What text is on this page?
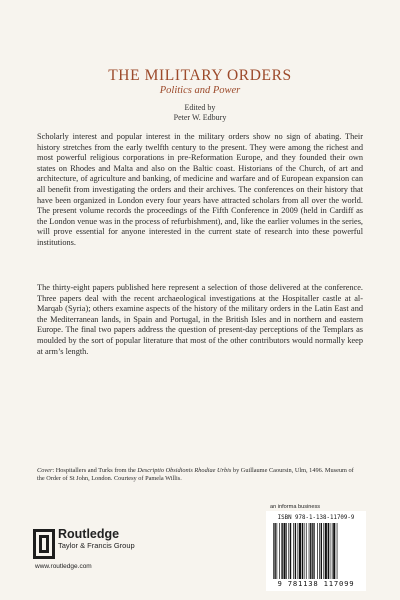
THE MILITARY ORDERS
Politics and Power
Edited by
Peter W. Edbury

Scholarly interest and popular interest in the military orders show no sign of abating. Their history stretches from the early twelfth century to the present. They were among the richest and most powerful religious corporations in pre-Reformation Europe, and they founded their own states on Rhodes and Malta and also on the Baltic coast. Historians of the Church, of art and architecture, of agriculture and banking, of medicine and warfare and of European expansion can all benefit from investigating the orders and their archives. The conferences on their history that have been organized in London every four years have attracted scholars from all over the world. The present volume records the proceedings of the Fifth Conference in 2009 (held in Cardiff as the London venue was in the process of refurbishment), and, like the earlier volumes in the series, will prove essential for anyone interested in the current state of research into these powerful institutions.

The thirty-eight papers published here represent a selection of those delivered at the conference. Three papers deal with the recent archaeological investigations at the Hospitaller castle at al-Marqab (Syria); others examine aspects of the history of the military orders in the Latin East and the Mediterranean lands, in Spain and Portugal, in the British Isles and in northern and eastern Europe. The final two papers address the question of present-day perceptions of the Templars as moulded by the sort of popular literature that most of the other contributors would normally keep at arm’s length.

Cover: Hospitallers and Turks from the Descriptio Obsidionis Rhodiae Urbis by Guillaume Caoursin, Ulm, 1496. Museum of the Order of St John, London. Courtesy of Pamela Willis.

Routledge
Taylor & Francis Group
www.routledge.com
an informa business
ISBN 978-1-138-11709-9
9 781138 117099
